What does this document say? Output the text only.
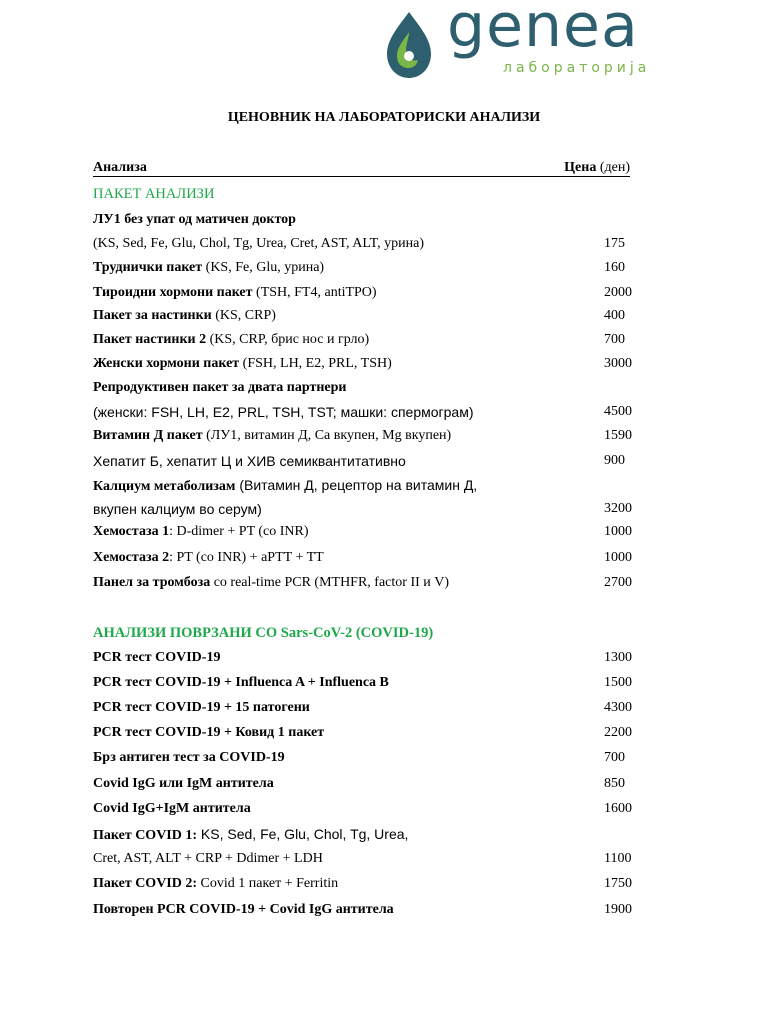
genea
лабораторија
ЦЕНОВНИК НА ЛАБОРАТОРИСКИ АНАЛИЗИ
Анализа	Цена (ден)
ПАКЕТ АНАЛИЗИ
ЛУ1 без упат од матичен доктор
(KS, Sed, Fe, Glu, Chol, Tg, Urea, Cret, AST, ALT, урина)	175
Труднички пакет (KS, Fe, Glu, урина)	160
Тироидни хормони пакет (TSH, FT4, antiTPO)	2000
Пакет за настинки (KS, CRP)	400
Пакет настинки 2 (KS, CRP, брис нос и грло)	700
Женски хормони пакет (FSH, LH, E2, PRL, TSH)	3000
Репродуктивен пакет за двата партнери
(женски: FSH, LH, E2, PRL, TSH, TST; машки: спермограм)	4500
Витамин Д пакет (ЛУ1, витамин Д, Ca вкупен, Mg вкупен)	1590
Хепатит Б, хепатит Ц и ХИВ семиквантитативно	900
Калциум метаболизам (Витамин Д, рецептор на витамин Д,
вкупен калциум во серум)	3200
Хемостаза 1: D-dimer + PT (со INR)	1000
Хемостаза 2: PT (со INR) + aPTT + TT	1000
Панел за тромбоза со real-time PCR (MTHFR, factor II и V)	2700
АНАЛИЗИ ПОВРЗАНИ СО Sars-CoV-2 (COVID-19)
PCR тест COVID-19	1300
PCR тест COVID-19 + Influenca A + Influenca B	1500
PCR тест COVID-19 + 15 патогени	4300
PCR тест COVID-19 + Ковид 1 пакет	2200
Брз антиген тест за COVID-19	700
Covid IgG или IgM антитела	850
Covid IgG+IgM антитела	1600
Пакет COVID 1: KS, Sed, Fe, Glu, Chol, Tg, Urea,
Cret, AST, ALT + CRP + Ddimer + LDH	1100
Пакет COVID 2: Covid 1 пакет + Ferritin	1750
Повторен PCR COVID-19 + Covid IgG антитела	1900
